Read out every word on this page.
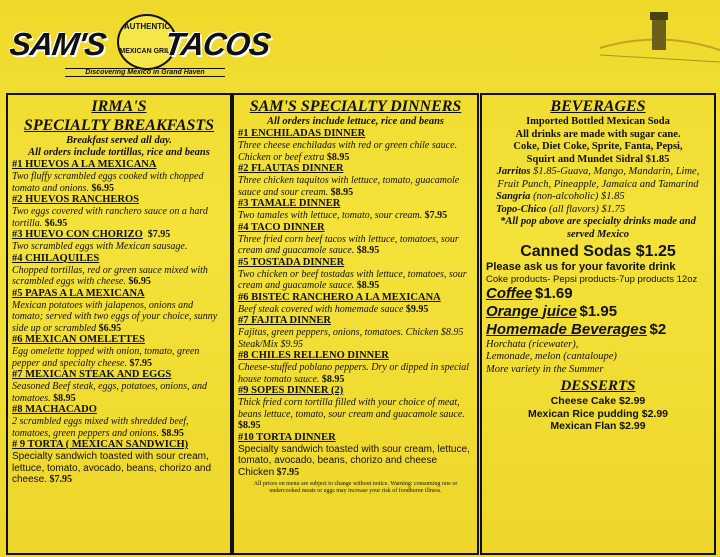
SAM'S	AUTHENTIC
MEXICAN GRILL
TACOS
Discovering Mexico in Grand Haven
IRMA'S
SPECIALTY BREAKFASTS
Breakfast served all day.
All orders include tortillas, rice and beans
#1 HUEVOS A LA MEXICANA
Two fluffy scrambled eggs cooked with chopped tomato and onions. $6.95
#2 HUEVOS RANCHEROS
Two eggs covered with ranchero sauce on a hard tortilla. $6.95
#3 HUEVO CON CHORIZO $7.95
Two scrambled eggs with Mexican sausage.
#4 CHILAQUILES
Chopped tortillas, red or green sauce mixed with scrambled eggs with cheese. $6.95
#5 PAPAS A LA MEXICANA
Mexican potatoes with jalapenos, onions and tomato; served with two eggs of your choice, sunny side up or scrambled $6.95
#6 MEXICAN OMELETTES
Egg omelette topped with onion, tomato, green pepper and specialty cheese. $7.95
#7 MEXICAN STEAK AND EGGS
Seasoned Beef steak, eggs, potatoes, onions, and tomatoes. $8.95
#8 MACHACADO
2 scrambled eggs mixed with shredded beef, tomatoes, green peppers and onions. $8.95
# 9 TORTA ( MEXICAN SANDWICH)
Specialty sandwich toasted with sour cream, lettuce, tomato, avocado, beans, chorizo and cheese. $7.95
SAM'S SPECIALTY DINNERS
All orders include lettuce, rice and beans
#1 ENCHILADAS DINNER
Three cheese enchiladas with red or green chile sauce. Chicken or beef extra $8.95
#2 FLAUTAS DINNER
Three chicken taquitos with lettuce, tomato, guacamole sauce and sour cream. $8.95
#3 TAMALE DINNER
Two tamales with lettuce, tomato, sour cream. $7.95
#4 TACO DINNER
Three fried corn beef tacos with lettuce, tomatoes, sour cream and guacamole sauce. $8.95
#5 TOSTADA DINNER
Two chicken or beef tostadas with lettuce, tomatoes, sour cream and guacamole sauce. $8.95
#6 BISTEC RANCHERO A LA MEXICANA
Beef steak covered with homemade sauce $9.95
#7 FAJITA DINNER
Fajitas, green peppers, onions, tomatoes. Chicken $8.95 Steak/Mix $9.95
#8 CHILES RELLENO DINNER
Cheese-stuffed poblano peppers. Dry or dipped in special house tomato sauce. $8.95
#9 SOPES DINNER (2)
Thick fried corn tortilla filled with your choice of meat, beans lettuce, tomato, sour cream and guacamole sauce. $8.95
#10 TORTA DINNER
Specialty sandwich toasted with sour cream, lettuce, tomato, avocado, beans, chorizo and cheese Chicken $7.95
All prices on menu are subject to change without notice. Warning: consuming raw or undercooked meats or eggs may increase your risk of foodborne illness.
BEVERAGES
Imported Bottled Mexican Soda
All drinks are made with sugar cane.
Coke, Diet Coke, Sprite, Fanta, Pepsi,
Squirt and Mundet Sidral $1.85
Jarritos $1.85-Guava, Mango, Mandarin, Lime, Fruit Punch, Pineapple, Jamaica and Tamarind
Sangria (non-alcoholic) $1.85
Topo-Chico (all flavors) $1.75
*All pop above are specialty drinks made and served Mexico
Canned Sodas $1.25
Please ask us for your favorite drink
Coke products- Pepsi products-7up products 12oz
Coffee $1.69
Orange juice $1.95
Homemade Beverages $2
Horchata (ricewater),
Lemonade, melon (cantaloupe)
More variety in the Summer
DESSERTS
Cheese Cake $2.99
Mexican Rice pudding $2.99
Mexican Flan $2.99
